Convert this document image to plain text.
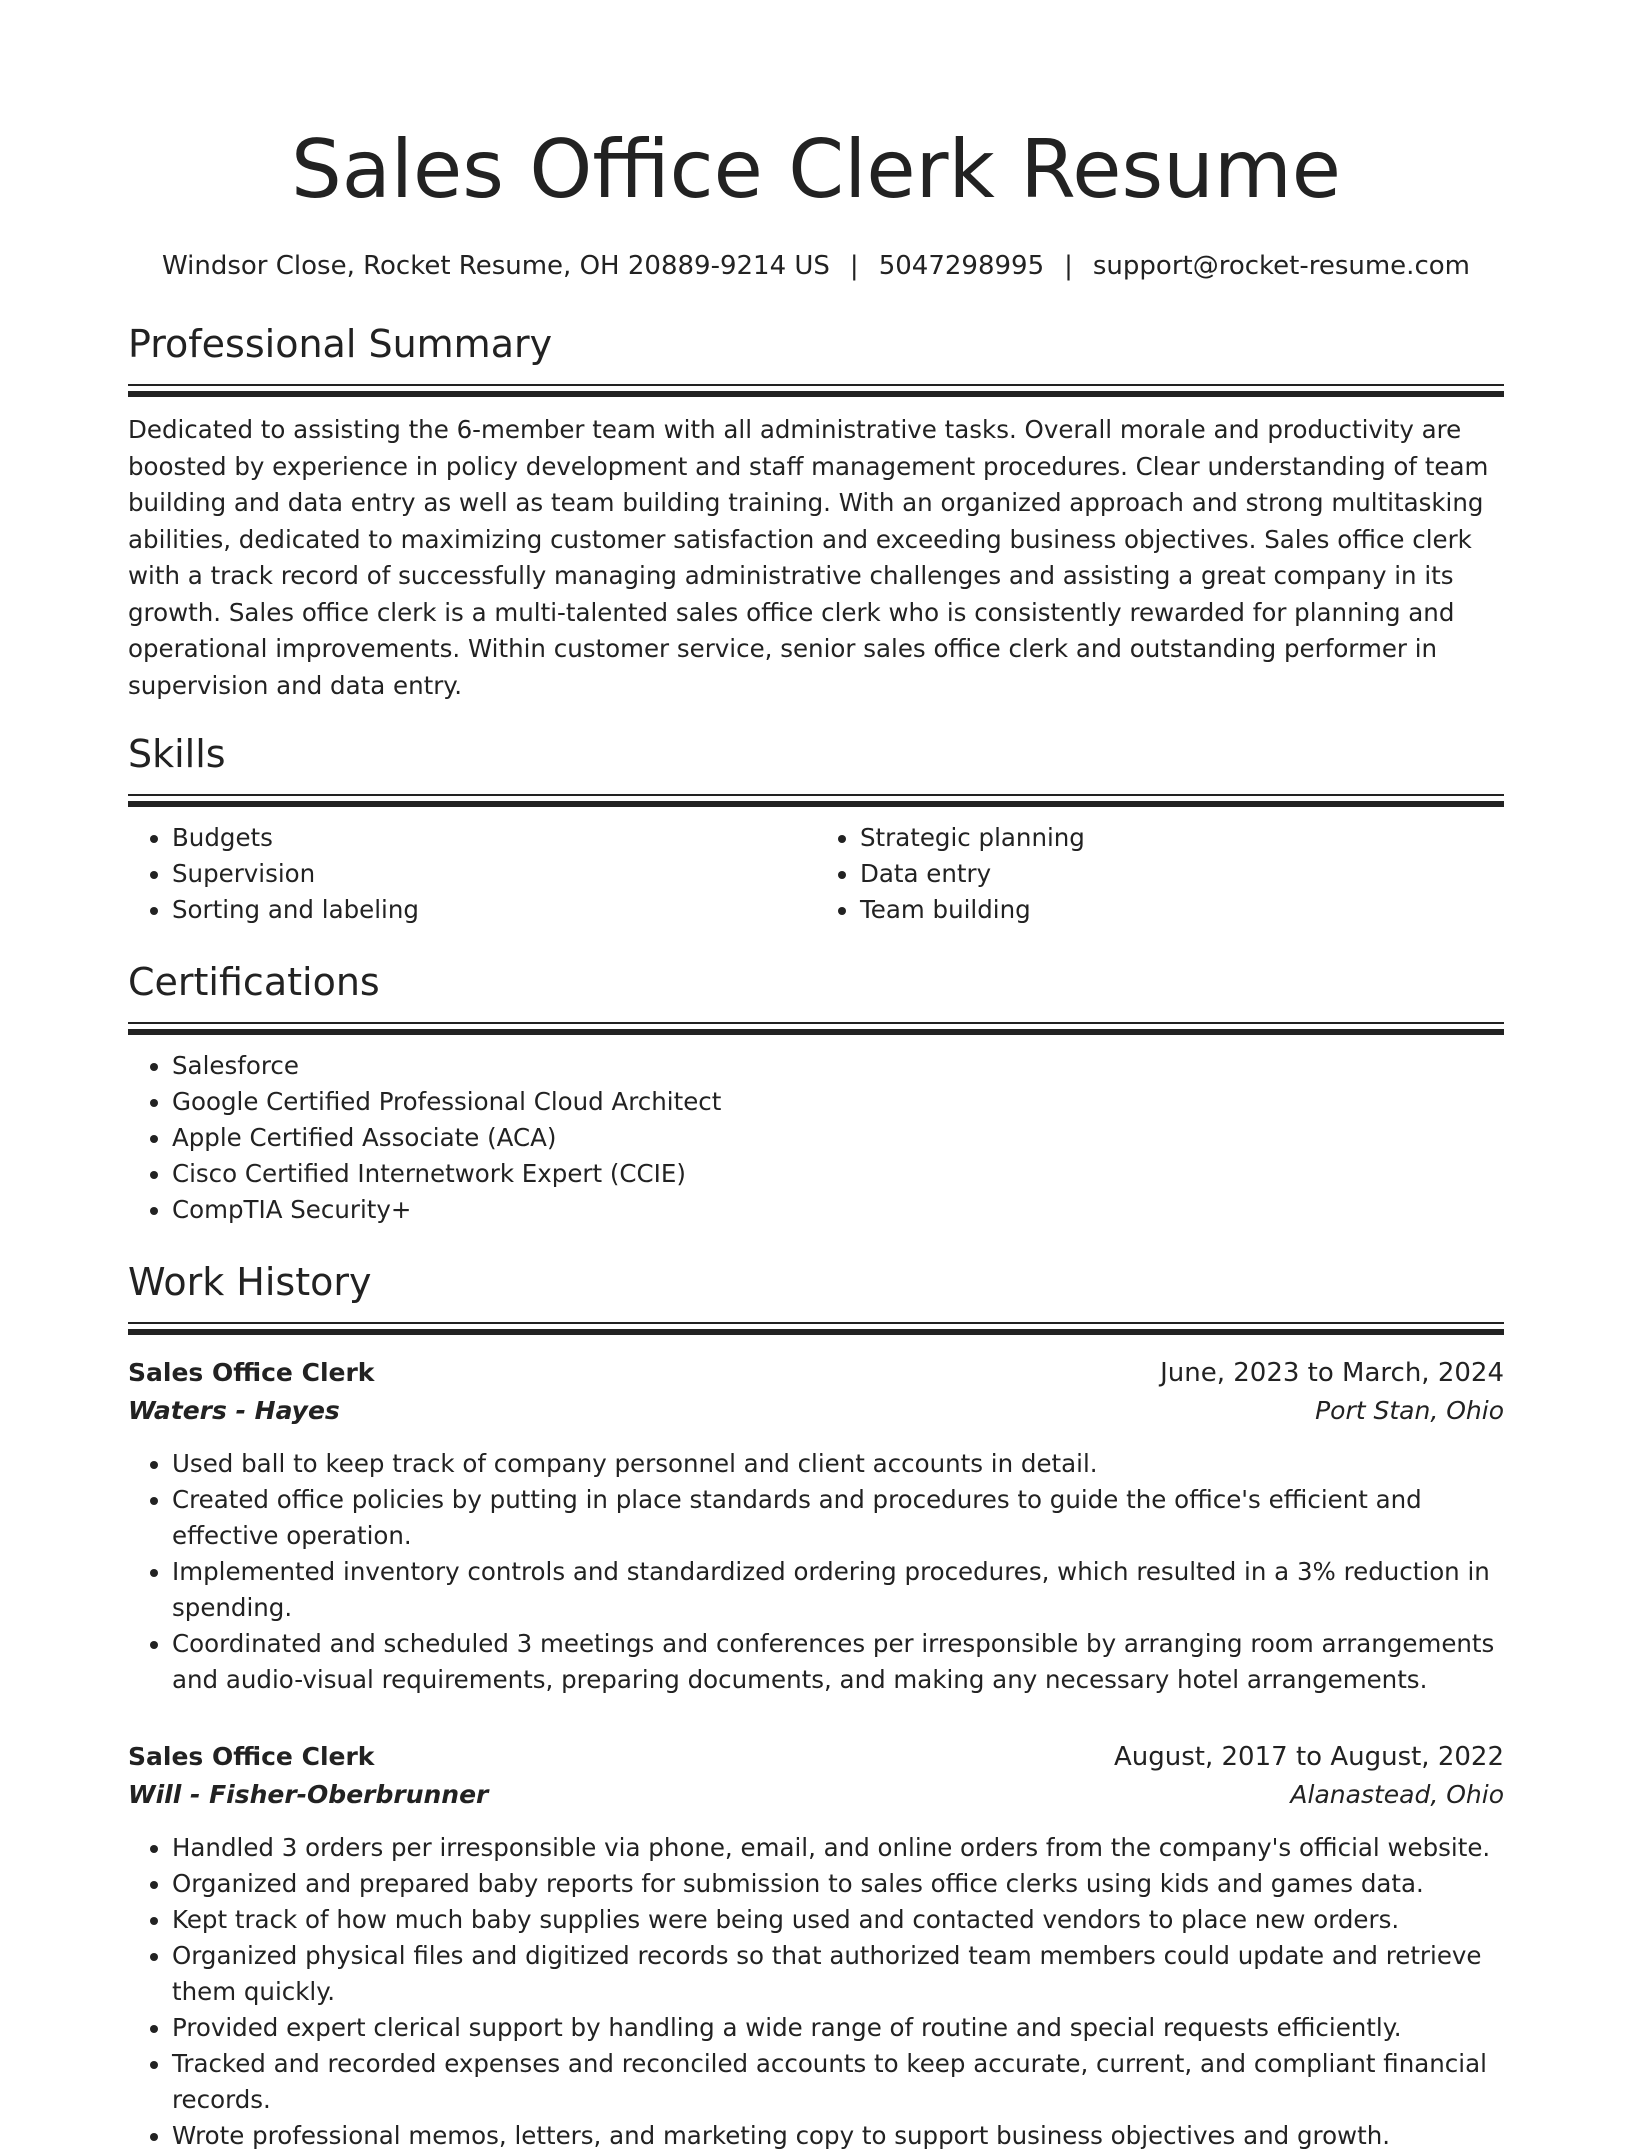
Sales Office Clerk Resume
Windsor Close, Rocket Resume, OH 20889-9214 US | 5047298995 | support@rocket-resume.com
Professional Summary

Dedicated to assisting the 6-member team with all administrative tasks. Overall morale and productivity are boosted by experience in policy development and staff management procedures. Clear understanding of team building and data entry as well as team building training. With an organized approach and strong multitasking abilities, dedicated to maximizing customer satisfaction and exceeding business objectives. Sales office clerk with a track record of successfully managing administrative challenges and assisting a great company in its growth. Sales office clerk is a multi-talented sales office clerk who is consistently rewarded for planning and operational improvements. Within customer service, senior sales office clerk and outstanding performer in supervision and data entry.

Skills
• Budgets
• Supervision
• Sorting and labeling
• Strategic planning
• Data entry
• Team building
Certifications
• Salesforce
• Google Certified Professional Cloud Architect
• Apple Certified Associate (ACA)
• Cisco Certified Internetwork Expert (CCIE)
• CompTIA Security+
Work History
Sales Office Clerk	June, 2023 to March, 2024
Waters - Hayes	Port Stan, Ohio
• Used ball to keep track of company personnel and client accounts in detail.
• Created office policies by putting in place standards and procedures to guide the office's efficient and effective operation.
• Implemented inventory controls and standardized ordering procedures, which resulted in a 3% reduction in spending.
• Coordinated and scheduled 3 meetings and conferences per irresponsible by arranging room arrangements and audio-visual requirements, preparing documents, and making any necessary hotel arrangements.
Sales Office Clerk	August, 2017 to August, 2022
Will - Fisher-Oberbrunner	Alanastead, Ohio
• Handled 3 orders per irresponsible via phone, email, and online orders from the company's official website.
• Organized and prepared baby reports for submission to sales office clerks using kids and games data.
• Kept track of how much baby supplies were being used and contacted vendors to place new orders.
• Organized physical files and digitized records so that authorized team members could update and retrieve them quickly.
• Provided expert clerical support by handling a wide range of routine and special requests efficiently.
• Tracked and recorded expenses and reconciled accounts to keep accurate, current, and compliant financial records.
• Wrote professional memos, letters, and marketing copy to support business objectives and growth.
